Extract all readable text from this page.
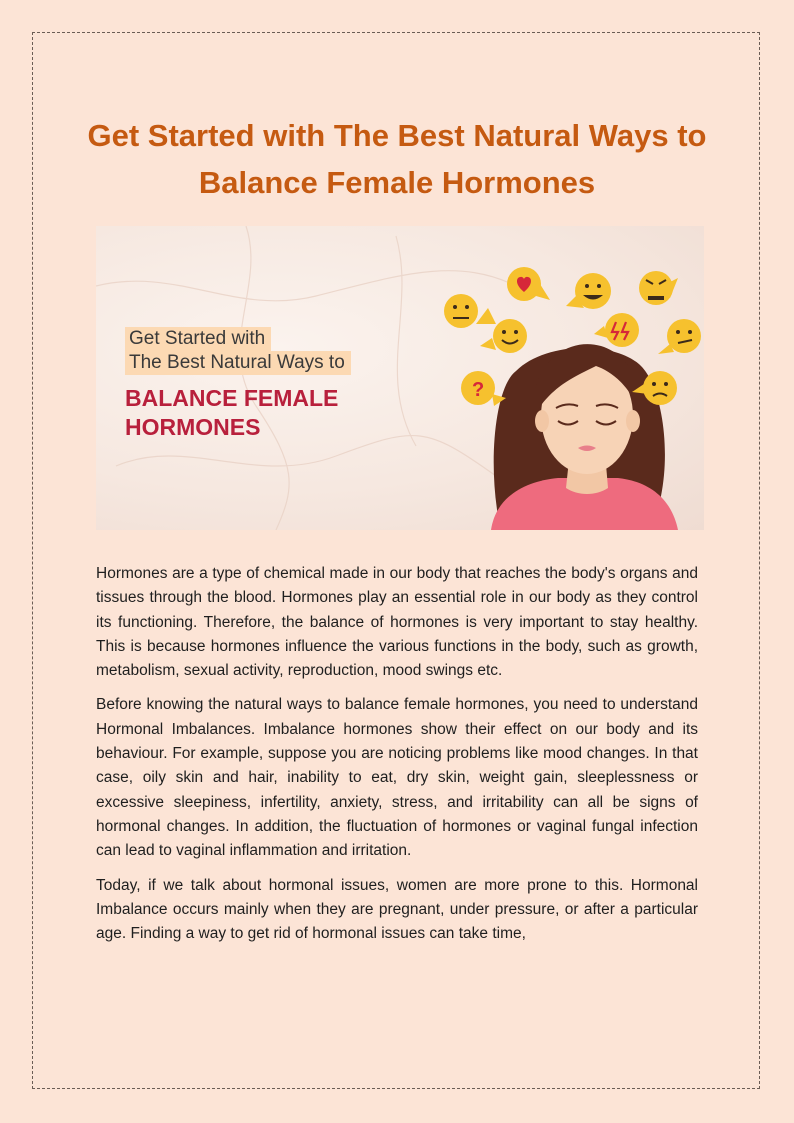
Get Started with The Best Natural Ways to Balance Female Hormones
?
Get Started with
The Best Natural Ways to
BALANCE FEMALE
HORMONES

Hormones are a type of chemical made in our body that reaches the body's organs and tissues through the blood. Hormones play an essential role in our body as they control its functioning. Therefore, the balance of hormones is very important to stay healthy. This is because hormones influence the various functions in the body, such as growth, metabolism, sexual activity, reproduction, mood swings etc.

Before knowing the natural ways to balance female hormones, you need to understand Hormonal Imbalances. Imbalance hormones show their effect on our body and its behaviour. For example, suppose you are noticing problems like mood changes. In that case, oily skin and hair, inability to eat, dry skin, weight gain, sleeplessness or excessive sleepiness, infertility, anxiety, stress, and irritability can all be signs of hormonal changes. In addition, the fluctuation of hormones or vaginal fungal infection can lead to vaginal inflammation and irritation.

Today, if we talk about hormonal issues, women are more prone to this. Hormonal Imbalance occurs mainly when they are pregnant, under pressure, or after a particular age. Finding a way to get rid of hormonal issues can take time,
